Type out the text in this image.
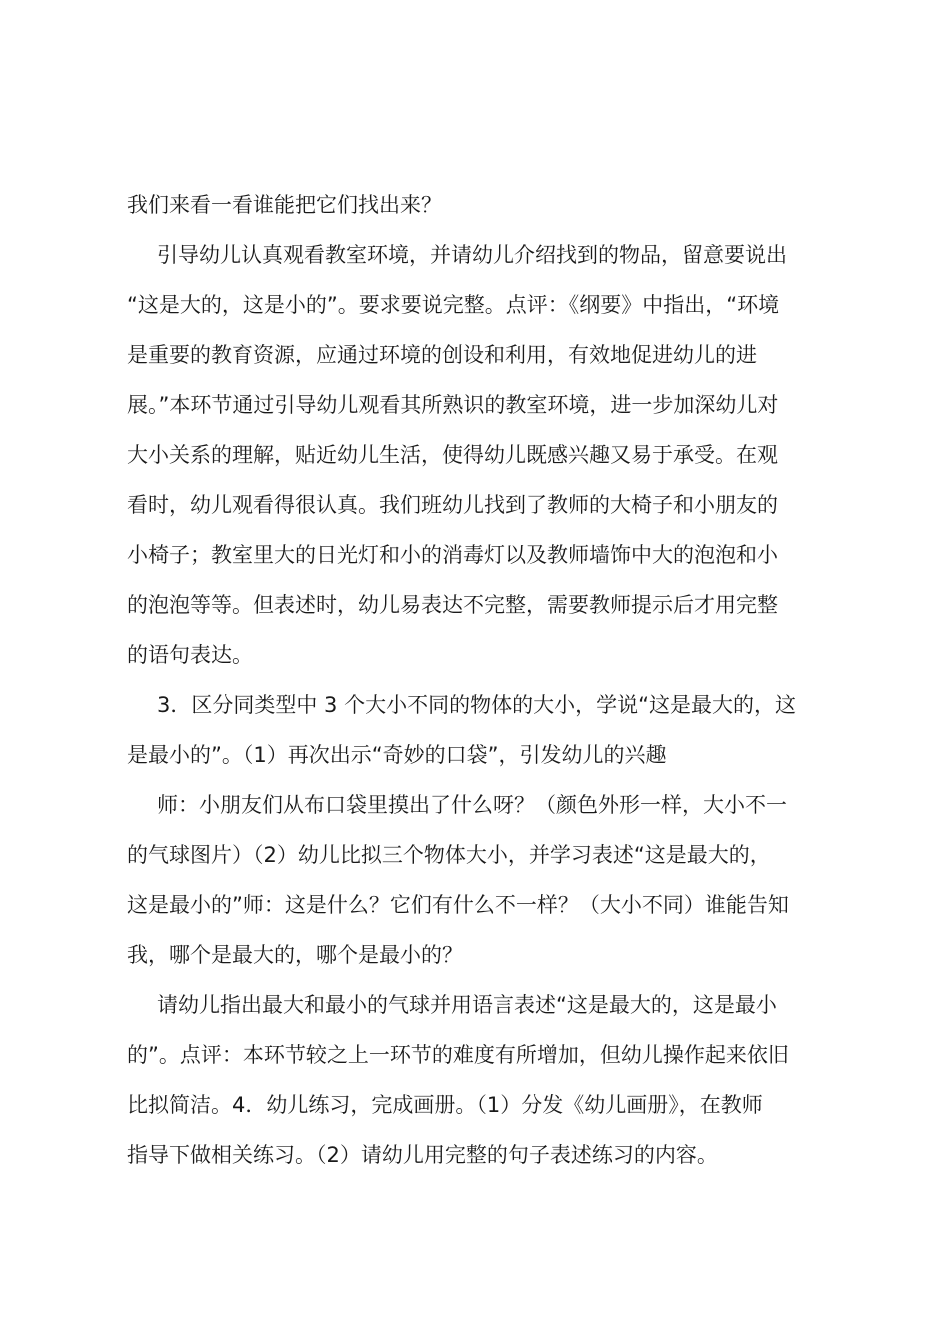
我们来看一看谁能把它们找出来？
引导幼儿认真观看教室环境，并请幼儿介绍找到的物品，留意要说出
“这是大的，这是小的”。要求要说完整。点评：《纲要》中指出，“环境
是重要的教育资源，应通过环境的创设和利用，有效地促进幼儿的进
展。”本环节通过引导幼儿观看其所熟识的教室环境，进一步加深幼儿对
大小关系的理解，贴近幼儿生活，使得幼儿既感兴趣又易于承受。在观
看时，幼儿观看得很认真。我们班幼儿找到了教师的大椅子和小朋友的
小椅子；教室里大的日光灯和小的消毒灯以及教师墙饰中大的泡泡和小
的泡泡等等。但表述时，幼儿易表达不完整，需要教师提示后才用完整
的语句表达。
3．区分同类型中 3 个大小不同的物体的大小，学说“这是最大的，这
是最小的”。（1）再次出示“奇妙的口袋”，引发幼儿的兴趣
师：小朋友们从布口袋里摸出了什么呀？（颜色外形一样，大小不一
的气球图片）（2）幼儿比拟三个物体大小，并学习表述“这是最大的，
这是最小的”师：这是什么？它们有什么不一样？（大小不同）谁能告知
我，哪个是最大的，哪个是最小的？
请幼儿指出最大和最小的气球并用语言表述“这是最大的，这是最小
的”。点评：本环节较之上一环节的难度有所增加，但幼儿操作起来依旧
比拟简洁。4．幼儿练习，完成画册。（1）分发《幼儿画册》，在教师
指导下做相关练习。（2）请幼儿用完整的句子表述练习的内容。
